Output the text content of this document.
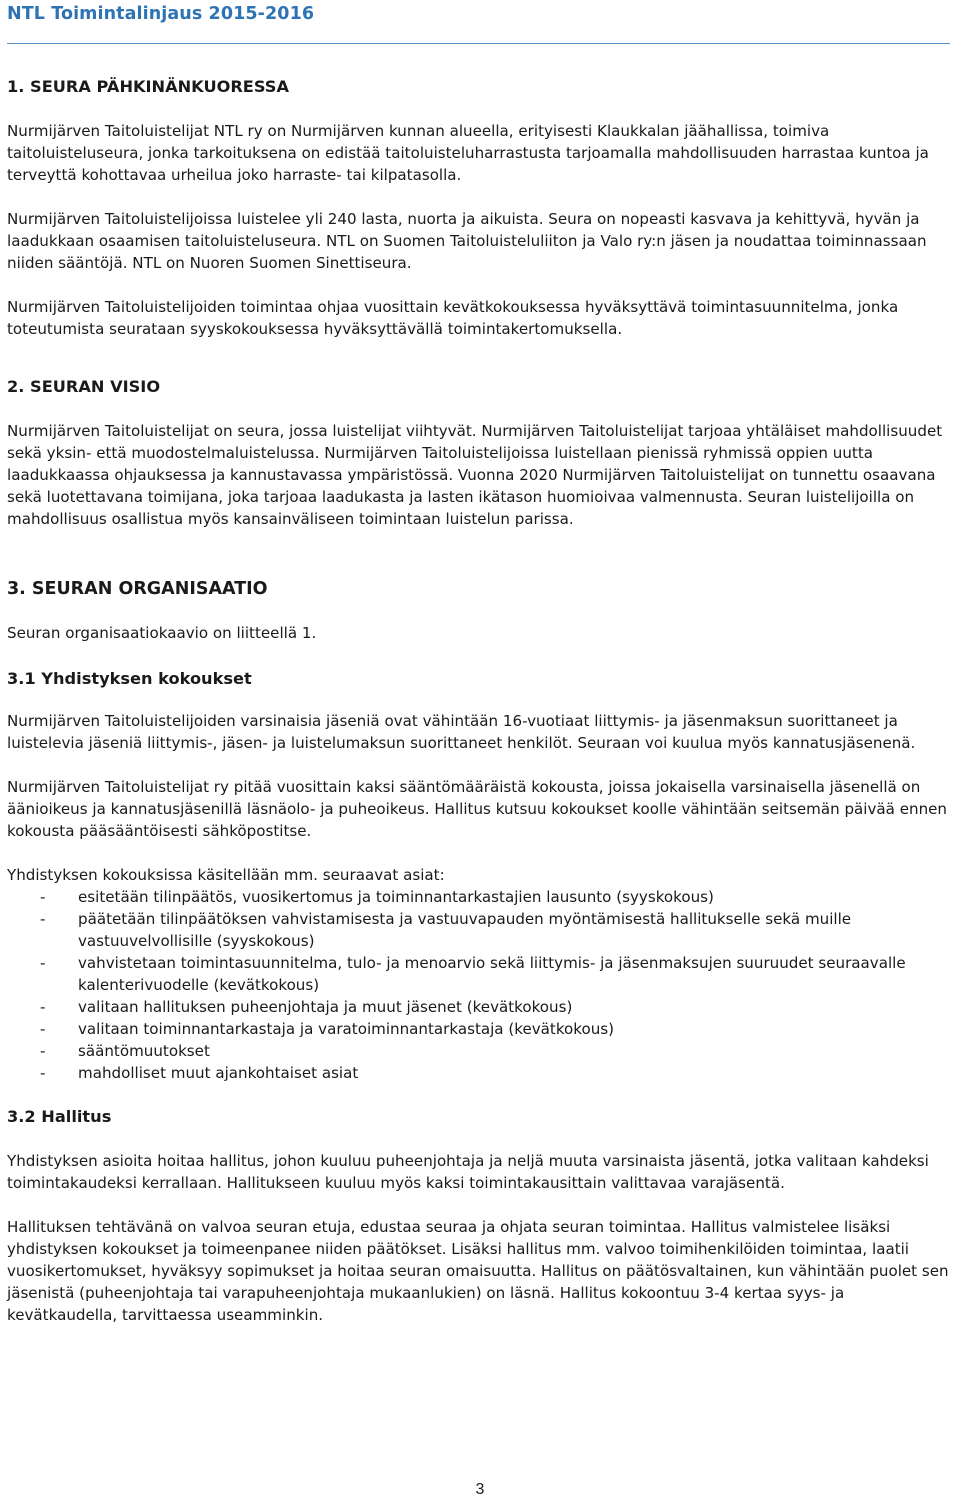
NTL Toimintalinjaus 2015-2016
1. SEURA PÄHKINÄNKUORESSA

Nurmijärven Taitoluistelijat NTL ry on Nurmijärven kunnan alueella, erityisesti Klaukkalan jäähallissa, toimiva taitoluisteluseura, jonka tarkoituksena on edistää taitoluisteluharrastusta tarjoamalla mahdollisuuden harrastaa kuntoa ja terveyttä kohottavaa urheilua joko harraste- tai kilpatasolla.

Nurmijärven Taitoluistelijoissa luistelee yli 240 lasta, nuorta ja aikuista. Seura on nopeasti kasvava ja kehittyvä, hyvän ja laadukkaan osaamisen taitoluisteluseura. NTL on Suomen Taitoluisteluliiton ja Valo ry:n jäsen ja noudattaa toiminnassaan niiden sääntöjä. NTL on Nuoren Suomen Sinettiseura.

Nurmijärven Taitoluistelijoiden toimintaa ohjaa vuosittain kevätkokouksessa hyväksyttävä toimintasuunnitelma, jonka toteutumista seurataan syyskokouksessa hyväksyttävällä toimintakertomuksella.

2. SEURAN VISIO

Nurmijärven Taitoluistelijat on seura, jossa luistelijat viihtyvät. Nurmijärven Taitoluistelijat tarjoaa yhtäläiset mahdollisuudet sekä yksin- että muodostelmaluistelussa. Nurmijärven Taitoluistelijoissa luistellaan pienissä ryhmissä oppien uutta laadukkaassa ohjauksessa ja kannustavassa ympäristössä. Vuonna 2020 Nurmijärven Taitoluistelijat on tunnettu osaavana sekä luotettavana toimijana, joka tarjoaa laadukasta ja lasten ikätason huomioivaa valmennusta. Seuran luistelijoilla on mahdollisuus osallistua myös kansainväliseen toimintaan luistelun parissa.

3. SEURAN ORGANISAATIO

Seuran organisaatiokaavio on liitteellä 1.

3.1 Yhdistyksen kokoukset

Nurmijärven Taitoluistelijoiden varsinaisia jäseniä ovat vähintään 16-vuotiaat liittymis- ja jäsenmaksun suorittaneet ja luistelevia jäseniä liittymis-, jäsen- ja luistelumaksun suorittaneet henkilöt. Seuraan voi kuulua myös kannatusjäsenenä.

Nurmijärven Taitoluistelijat ry pitää vuosittain kaksi sääntömääräistä kokousta, joissa jokaisella varsinaisella jäsenellä on äänioikeus ja kannatusjäsenillä läsnäolo- ja puheoikeus. Hallitus kutsuu kokoukset koolle vähintään seitsemän päivää ennen kokousta pääsääntöisesti sähköpostitse.

Yhdistyksen kokouksissa käsitellään mm. seuraavat asiat:

- esitetään tilinpäätös, vuosikertomus ja toiminnantarkastajien lausunto (syyskokous)
- päätetään tilinpäätöksen vahvistamisesta ja vastuuvapauden myöntämisestä hallitukselle sekä muille vastuuvelvollisille (syyskokous)
- vahvistetaan toimintasuunnitelma, tulo- ja menoarvio sekä liittymis- ja jäsenmaksujen suuruudet seuraavalle kalenterivuodelle (kevätkokous)
- valitaan hallituksen puheenjohtaja ja muut jäsenet (kevätkokous)
- valitaan toiminnantarkastaja ja varatoiminnantarkastaja (kevätkokous)
- sääntömuutokset
- mahdolliset muut ajankohtaiset asiat
3.2 Hallitus

Yhdistyksen asioita hoitaa hallitus, johon kuuluu puheenjohtaja ja neljä muuta varsinaista jäsentä, jotka valitaan kahdeksi toimintakaudeksi kerrallaan. Hallitukseen kuuluu myös kaksi toimintakausittain valittavaa varajäsentä.

Hallituksen tehtävänä on valvoa seuran etuja, edustaa seuraa ja ohjata seuran toimintaa. Hallitus valmistelee lisäksi yhdistyksen kokoukset ja toimeenpanee niiden päätökset. Lisäksi hallitus mm. valvoo toimihenkilöiden toimintaa, laatii vuosikertomukset, hyväksyy sopimukset ja hoitaa seuran omaisuutta. Hallitus on päätösvaltainen, kun vähintään puolet sen jäsenistä (puheenjohtaja tai varapuheenjohtaja mukaanlukien) on läsnä. Hallitus kokoontuu 3-4 kertaa syys- ja kevätkaudella, tarvittaessa useamminkin.

3
